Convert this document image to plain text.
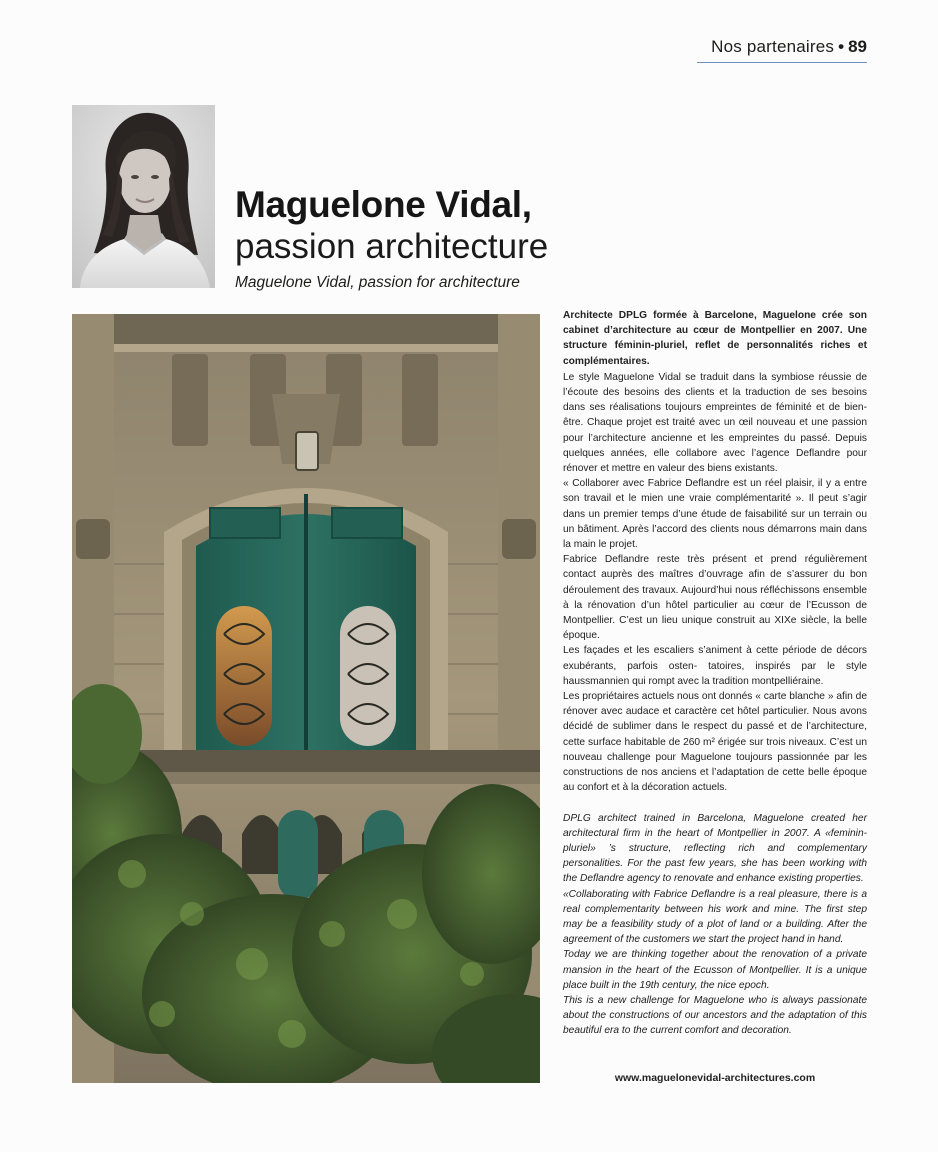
Nos partenaires • 89
Maguelone Vidal,
passion architecture
Maguelone Vidal, passion for architecture

Architecte DPLG formée à Barcelone, Maguelone crée son cabinet d’architecture au cœur de Montpellier en 2007. Une structure féminin-pluriel, reflet de personnalités riches et complémentaires.

Le style Maguelone Vidal se traduit dans la symbiose réussie de l’écoute des besoins des clients et la traduction de ses besoins dans ses réalisations toujours empreintes de féminité et de bien-être. Chaque projet est traité avec un œil nouveau et une passion pour l’architecture ancienne et les empreintes du passé. Depuis quelques années, elle collabore avec l’agence Deflandre pour rénover et mettre en valeur des biens existants.

« Collaborer avec Fabrice Deflandre est un réel plaisir, il y a entre son travail et le mien une vraie complémentarité ». Il peut s’agir dans un premier temps d’une étude de faisabilité sur un terrain ou un bâtiment. Après l’accord des clients nous démarrons main dans la main le projet.

Fabrice Deflandre reste très présent et prend régulièrement contact auprès des maîtres d’ouvrage afin de s’assurer du bon déroulement des travaux. Aujourd’hui nous réfléchissons ensemble à la rénovation d’un hôtel particulier au cœur de l’Ecusson de Montpellier. C’est un lieu unique construit au XIXe siècle, la belle époque.

Les façades et les escaliers s’animent à cette période de décors exubérants, parfois osten- tatoires, inspirés par le style haussmannien qui rompt avec la tradition montpelliéraine.

Les propriétaires actuels nous ont donnés « carte blanche » afin de rénover avec audace et caractère cet hôtel particulier. Nous avons décidé de sublimer dans le respect du passé et de l’architecture, cette surface habitable de 260 m² érigée sur trois niveaux. C’est un nouveau challenge pour Maguelone toujours passionnée par les constructions de nos anciens et l’adaptation de cette belle époque au confort et à la décoration actuels.

DPLG architect trained in Barcelona, Maguelone created her architectural firm in the heart of Montpellier in 2007. A «feminin-pluriel» ’s structure, reflecting rich and complementary personalities. For the past few years, she has been working with the Deflandre agency to renovate and enhance existing properties.

«Collaborating with Fabrice Deflandre is a real pleasure, there is a real complementarity between his work and mine. The first step may be a feasibility study of a plot of land or a building. After the agreement of the customers we start the project hand in hand.

Today we are thinking together about the renovation of a private mansion in the heart of the Ecusson of Montpellier. It is a unique place built in the 19th century, the nice epoch.

This is a new challenge for Maguelone who is always passionate about the constructions of our ancestors and the adaptation of this beautiful era to the current comfort and decoration.

www.maguelonevidal-architectures.com
